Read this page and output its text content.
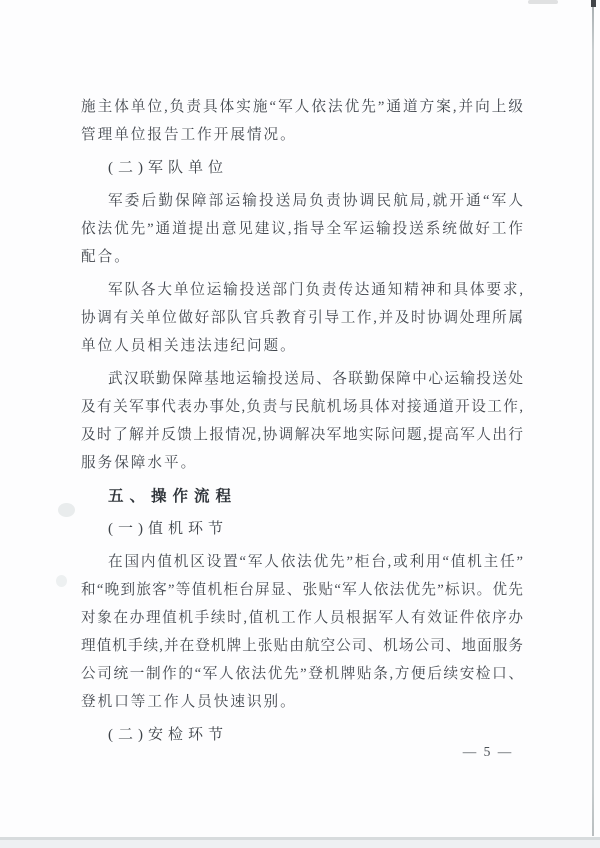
施主体单位,负责具体实施“军人依法优先”通道方案,并向上级
管理单位报告工作开展情况。
(二)军队单位
军委后勤保障部运输投送局负责协调民航局,就开通“军人
依法优先”通道提出意见建议,指导全军运输投送系统做好工作
配合。
军队各大单位运输投送部门负责传达通知精神和具体要求,
协调有关单位做好部队官兵教育引导工作,并及时协调处理所属
单位人员相关违法违纪问题。
武汉联勤保障基地运输投送局、各联勤保障中心运输投送处
及有关军事代表办事处,负责与民航机场具体对接通道开设工作,
及时了解并反馈上报情况,协调解决军地实际问题,提高军人出行
服务保障水平。
五、操作流程
(一)值机环节
在国内值机区设置“军人依法优先”柜台,或利用“值机主任”
和“晚到旅客”等值机柜台屏显、张贴“军人依法优先”标识。优先
对象在办理值机手续时,值机工作人员根据军人有效证件依序办
理值机手续,并在登机牌上张贴由航空公司、机场公司、地面服务
公司统一制作的“军人依法优先”登机牌贴条,方便后续安检口、
登机口等工作人员快速识别。
(二)安检环节
— 5 —
